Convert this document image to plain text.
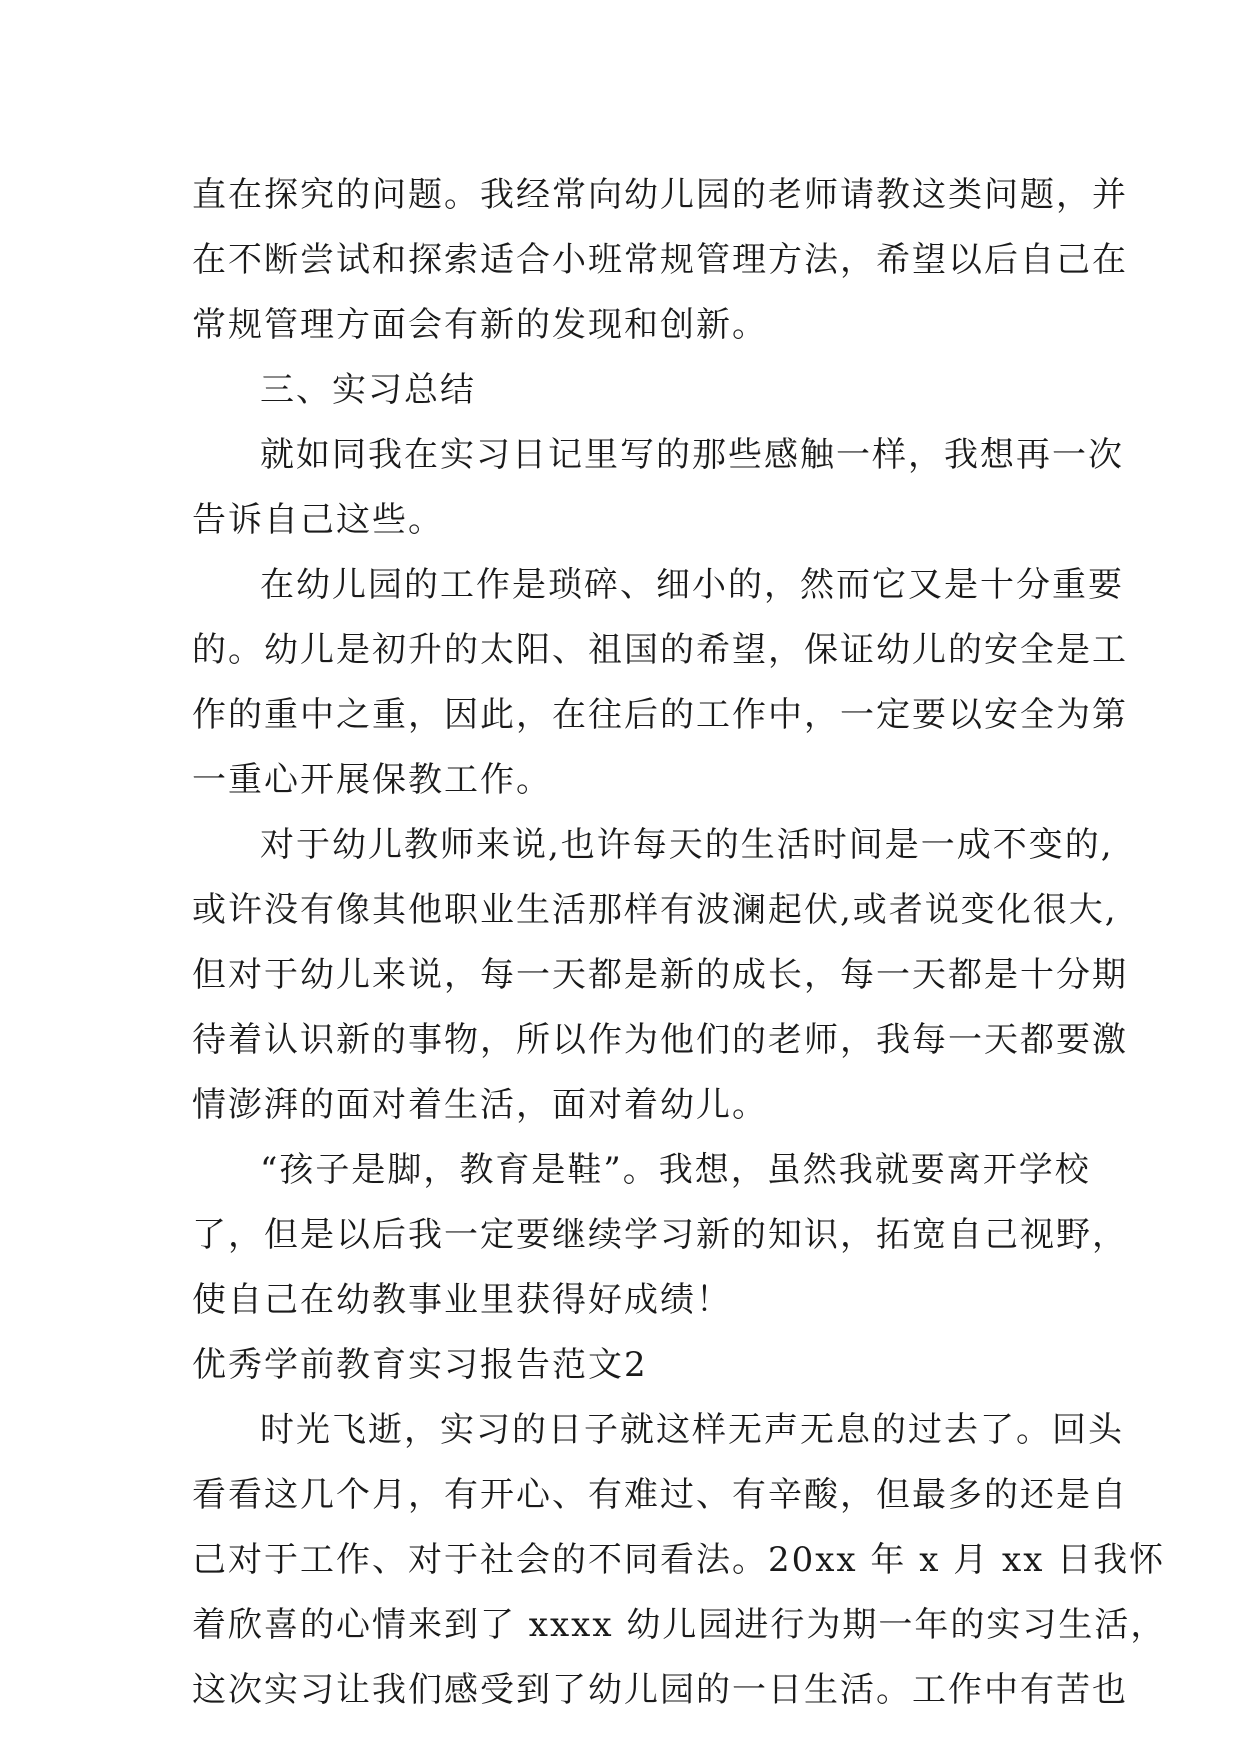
直在探究的问题。我经常向幼儿园的老师请教这类问题，并
在不断尝试和探索适合小班常规管理方法，希望以后自己在
常规管理方面会有新的发现和创新。
三、实习总结
就如同我在实习日记里写的那些感触一样，我想再一次
告诉自己这些。
在幼儿园的工作是琐碎、细小的，然而它又是十分重要
的。幼儿是初升的太阳、祖国的希望，保证幼儿的安全是工
作的重中之重，因此，在往后的工作中，一定要以安全为第
一重心开展保教工作。
对于幼儿教师来说,也许每天的生活时间是一成不变的,
或许没有像其他职业生活那样有波澜起伏,或者说变化很大,
但对于幼儿来说，每一天都是新的成长，每一天都是十分期
待着认识新的事物，所以作为他们的老师，我每一天都要激
情澎湃的面对着生活，面对着幼儿。
“孩子是脚，教育是鞋”。我想，虽然我就要离开学校
了，但是以后我一定要继续学习新的知识，拓宽自己视野，
使自己在幼教事业里获得好成绩！
优秀学前教育实习报告范文2
时光飞逝，实习的日子就这样无声无息的过去了。回头
看看这几个月，有开心、有难过、有辛酸，但最多的还是自
己对于工作、对于社会的不同看法。20xx 年 x 月 xx 日我怀
着欣喜的心情来到了 xxxx 幼儿园进行为期一年的实习生活，
这次实习让我们感受到了幼儿园的一日生活。工作中有苦也
